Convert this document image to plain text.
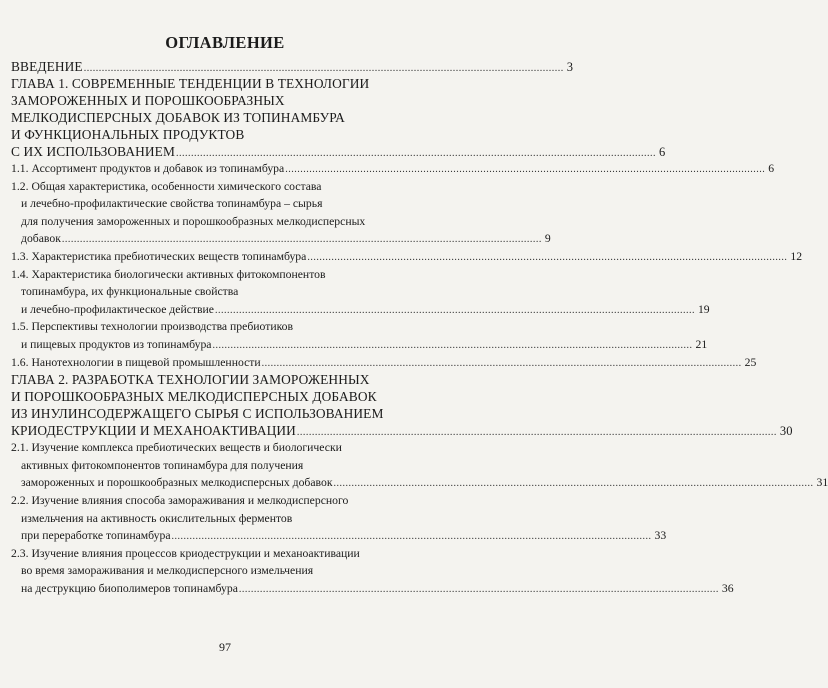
ОГЛАВЛЕНИЕ
ВВЕДЕНИЕ ................................................................................................................................................................ 3
ГЛАВА 1. СОВРЕМЕННЫЕ ТЕНДЕНЦИИ В ТЕХНОЛОГИИ
ЗАМОРОЖЕННЫХ И ПОРОШКООБРАЗНЫХ
МЕЛКОДИСПЕРСНЫХ ДОБАВОК ИЗ ТОПИНАМБУРА
И ФУНКЦИОНАЛЬНЫХ ПРОДУКТОВ
С ИХ ИСПОЛЬЗОВАНИЕМ ................................................................................................................................................................ 6
1.1. Ассортимент продуктов и добавок из топинамбура ................................................................................................................................................................ 6
1.2. Общая характеристика, особенности химического состава
и лечебно-профилактические свойства топинамбура – сырья
для получения замороженных и порошкообразных мелкодисперсных
добавок ................................................................................................................................................................ 9
1.3. Характеристика пребиотических веществ топинамбура ................................................................................................................................................................ 12
1.4. Характеристика биологически активных фитокомпонентов
топинамбура, их функциональные свойства
и лечебно-профилактическое действие ................................................................................................................................................................ 19
1.5. Перспективы технологии производства пребиотиков
и пищевых продуктов из топинамбура ................................................................................................................................................................ 21
1.6. Нанотехнологии в пищевой промышленности ................................................................................................................................................................ 25
ГЛАВА 2. РАЗРАБОТКА ТЕХНОЛОГИИ ЗАМОРОЖЕННЫХ
И ПОРОШКООБРАЗНЫХ МЕЛКОДИСПЕРСНЫХ ДОБАВОК
ИЗ ИНУЛИНСОДЕРЖАЩЕГО СЫРЬЯ С ИСПОЛЬЗОВАНИЕМ
КРИОДЕСТРУКЦИИ И МЕХАНОАКТИВАЦИИ ................................................................................................................................................................ 30
2.1. Изучение комплекса пребиотических веществ и биологически
активных фитокомпонентов топинамбура для получения
замороженных и порошкообразных мелкодисперсных добавок ................................................................................................................................................................ 31
2.2. Изучение влияния способа замораживания и мелкодисперсного
измельчения на активность окислительных ферментов
при переработке топинамбура ................................................................................................................................................................ 33
2.3. Изучение влияния процессов криодеструкции и механоактивации
во время замораживания и мелкодисперсного измельчения
на деструкцию биополимеров топинамбура ................................................................................................................................................................ 36
97
